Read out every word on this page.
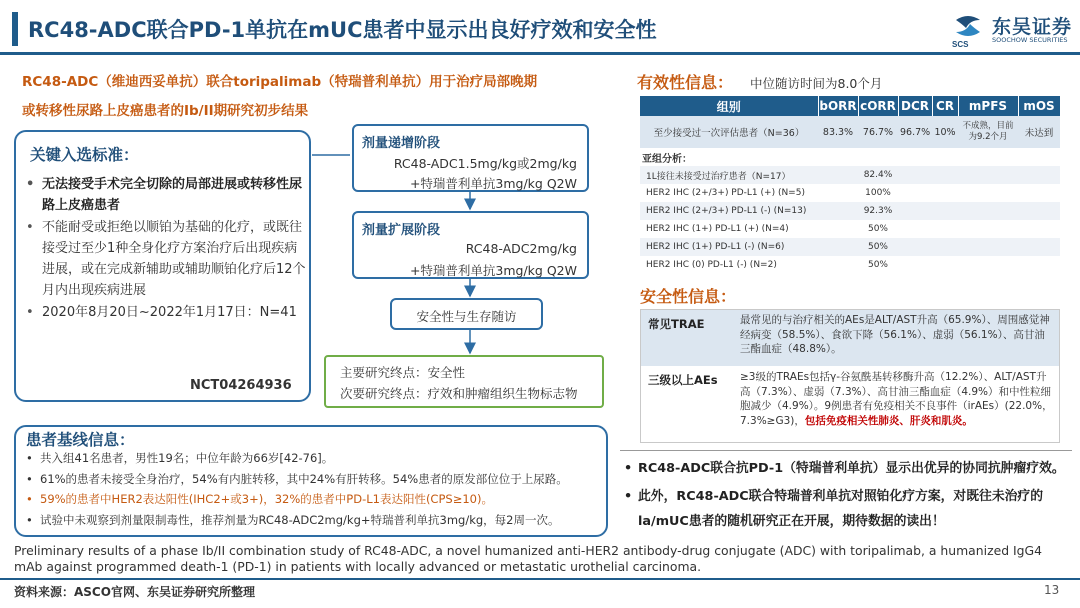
RC48-ADC联合PD-1单抗在mUC患者中显示出良好疗效和安全性
SCS
东吴证券
SOOCHOW SECURITIES
RC48-ADC（维迪西妥单抗）联合toripalimab（特瑞普利单抗）用于治疗局部晚期
或转移性尿路上皮癌患者的Ib/II期研究初步结果
关键入选标准：
• 无法接受手术完全切除的局部进展或转移性尿路上皮癌患者
• 不能耐受或拒绝以顺铂为基础的化疗，或既往接受过至少1种全身化疗方案治疗后出现疾病进展，或在完成新辅助或辅助顺铂化疗后12个月内出现疾病进展
• 2020年8月20日~2022年1月17日：N=41
NCT04264936
剂量递增阶段
RC48-ADC1.5mg/kg或2mg/kg
+特瑞普利单抗3mg/kg Q2W
剂量扩展阶段
RC48-ADC2mg/kg
+特瑞普利单抗3mg/kg Q2W
安全性与生存随访
主要研究终点：安全性
次要研究终点：疗效和肿瘤组织生物标志物
患者基线信息：
• 共入组41名患者，男性19名；中位年龄为66岁[42-76]。
• 61%的患者未接受全身治疗，54%有内脏转移，其中24%有肝转移。54%患者的原发部位位于上尿路。
• 59%的患者中HER2表达阳性(IHC2+或3+)，32%的患者中PD-L1表达阳性(CPS≥10)。
• 试验中未观察到剂量限制毒性，推荐剂量为RC48-ADC2mg/kg+特瑞普利单抗3mg/kg，每2周一次。
有效性信息： 中位随访时间为8.0个月
组别	bORR	cORR	DCR	CR	mPFS	mOS
至少接受过一次评估患者（N=36）	83.3%	76.7%	96.7%	10%	不成熟，目前为9.2个月	未达到
亚组分析：						
1L接往未接受过治疗患者（N=17）		82.4%				
HER2 IHC (2+/3+) PD-L1 (+) (N=5)		100%				
HER2 IHC (2+/3+) PD-L1 (-) (N=13)		92.3%				
HER2 IHC (1+) PD-L1 (+) (N=4)		50%				
HER2 IHC (1+) PD-L1 (-) (N=6)		50%				
HER2 IHC (0) PD-L1 (-) (N=2)		50%				
安全性信息：
常见TRAE	最常见的与治疗相关的AEs是ALT/AST升高（65.9%）、周围感觉神经病变（58.5%）、食欲下降（56.1%）、虚弱（56.1%）、高甘油三酯血症（48.8%）。
三级以上AEs ≥3级的TRAEs包括γ-谷氨酰基转移酶升高（12.2%）、ALT/AST升高（7.3%）、虚弱（7.3%）、高甘油三酯血症（4.9%）和中性粒细胞减少（4.9%）。9例患者有免疫相关不良事件（irAEs）(22.0%，7.3%≥G3)，包括免疫相关性肺炎、肝炎和肌炎。
• RC48-ADC联合抗PD-1（特瑞普利单抗）显示出优异的协同抗肿瘤疗效。
• 此外，RC48-ADC联合特瑞普利单抗对照铂化疗方案，对既往未治疗的la/mUC患者的随机研究正在开展，期待数据的读出！
Preliminary results of a phase Ib/II combination study of RC48-ADC, a novel humanized anti-HER2 antibody-drug conjugate (ADC) with toripalimab, a humanized IgG4 mAb against programmed death-1 (PD-1) in patients with locally advanced or metastatic urothelial carcinoma.
资料来源：ASCO官网、东吴证券研究所整理	13
